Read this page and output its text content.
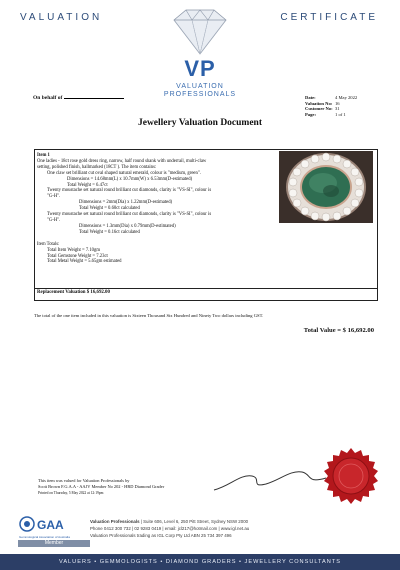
VALUATION	CERTIFICATE
VP
VALUATION
PROFESSIONALS
On behalf of	Date:	4 May 2022
Valuation No: 16
Customer No: 31
Page:	1 of 1
Jewellery Valuation Document
Item 1
One ladies - 18ct rose gold dress ring, narrow, half round shank with underrail, multi-claw
setting, polished finish, hallmarked (18CT ). The item contains:
One claw set brilliant cut oval shaped natural emerald, colour is "medium, green".
Dimensions = 14.68mm(L) x 10.7mm(W) x 6.53mm(D-estimated)
Total Weight = 6.47ct
Twenty moustache set natural round brilliant cut diamonds, clarity is "VS-SI", colour is
"G-H".
Dimensions = 2mm(Dia) x 1.22mm(D-estimated)
Total Weight = 0.60ct calculated
Twenty moustache set natural round brilliant cut diamonds, clarity is "VS-SI", colour is
"G-H".
Dimensions = 1.3mm(Dia) x 0.79mm(D-estimated)
Total Weight = 0.16ct calculated
Item Totals:
Total Item Weight = 7.10gm
Total Gemstone Weight = 7.23ct
Total Metal Weight = 5.65gm estimated
Replacement Valuation $ 16,692.00
The total of the one item included in this valuation is Sixteen Thousand Six Hundred and Ninety Two dollars including GST.
Total Value = $ 16,692.00
This item was valued for Valuation Professionals by
Scott Brown F.G.A.A - AAJV Member No 202 - HRD Diamond Grader
Printed on Thursday, 5 May 2022 at 12:19pm
GAA
Gemmological Association of Australia
Member
Valuation Professionals | Suite 606, Level 6, 250 Pitt Street, Sydney NSW 2000
Phone 0412 300 732 | 02 9283 0419 | email: jcl217@hotmail.com | www.igl.net.au
Valuation Professionals trading as IGL Corp Pty Ltd ABN 25 734 397 496
VALUERS • GEMMOLOGISTS • DIAMOND GRADERS • JEWELLERY CONSULTANTS
